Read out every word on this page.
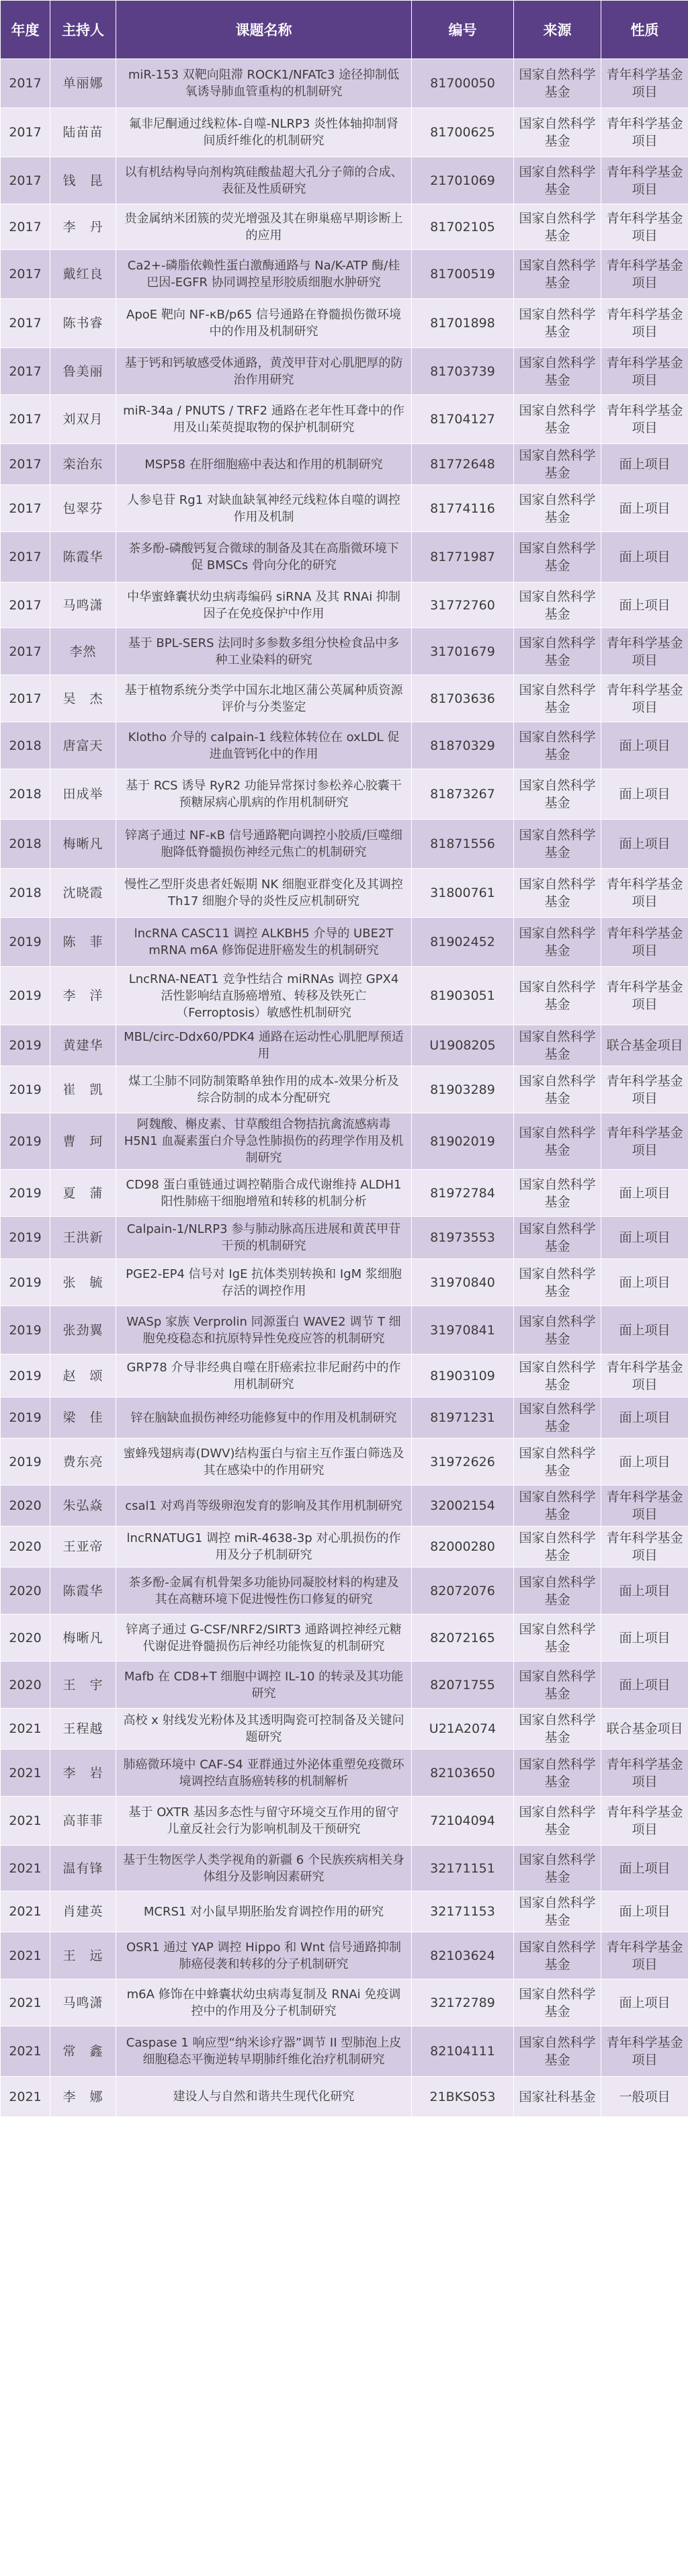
年度	主持人	课题名称	编号	来源	性质
2017	单丽娜	miR-153 双靶向阻滞 ROCK1/NFATc3 途径抑制低氧诱导肺血管重构的机制研究	81700050	国家自然科学基金	青年科学基金项目
2017	陆苗苗	氟非尼酮通过线粒体-自噬-NLRP3 炎性体轴抑制肾间质纤维化的机制研究	81700625	国家自然科学基金	青年科学基金项目
2017	钱　昆	以有机结构导向剂构筑硅酸盐超大孔分子筛的合成、表征及性质研究	21701069	国家自然科学基金	青年科学基金项目
2017	李　丹	贵金属纳米团簇的荧光增强及其在卵巢癌早期诊断上的应用	81702105	国家自然科学基金	青年科学基金项目
2017	戴红良	Ca2+-磷脂依赖性蛋白激酶通路与 Na/K-ATP 酶/桂巴因-EGFR 协同调控星形胶质细胞水肿研究	81700519	国家自然科学基金	青年科学基金项目
2017	陈书睿	ApoE 靶向 NF-κB/p65 信号通路在脊髓损伤微环境中的作用及机制研究	81701898	国家自然科学基金	青年科学基金项目
2017	鲁美丽	基于钙和钙敏感受体通路，黄茂甲苷对心肌肥厚的防治作用研究	81703739	国家自然科学基金	青年科学基金项目
2017	刘双月	miR-34a / PNUTS / TRF2 通路在老年性耳聋中的作用及山茱萸提取物的保护机制研究	81704127	国家自然科学基金	青年科学基金项目
2017	栾治东	MSP58 在肝细胞癌中表达和作用的机制研究	81772648	国家自然科学基金	面上项目
2017	包翠芬	人参皂苷 Rg1 对缺血缺氧神经元线粒体自噬的调控作用及机制	81774116	国家自然科学基金	面上项目
2017	陈霞华	茶多酚-磷酸钙复合微球的制备及其在高脂微环境下促 BMSCs 骨向分化的研究	81771987	国家自然科学基金	面上项目
2017	马鸣潇	中华蜜蜂囊状幼虫病毒编码 siRNA 及其 RNAi 抑制因子在免疫保护中作用	31772760	国家自然科学基金	面上项目
2017	李然	基于 BPL-SERS 法同时多参数多组分快检食品中多种工业染料的研究	31701679	国家自然科学基金	青年科学基金项目
2017	吴　杰	基于植物系统分类学中国东北地区蒲公英属种质资源评价与分类鉴定	81703636	国家自然科学基金	青年科学基金项目
2018	唐富天	Klotho 介导的 calpain-1 线粒体转位在 oxLDL 促进血管钙化中的作用	81870329	国家自然科学基金	面上项目
2018	田成举	基于 RCS 诱导 RyR2 功能异常探讨参松养心胶囊干预糖尿病心肌病的作用机制研究	81873267	国家自然科学基金	面上项目
2018	梅晰凡	锌离子通过 NF-κB 信号通路靶向调控小胶质/巨噬细胞降低脊髓损伤神经元焦亡的机制研究	81871556	国家自然科学基金	面上项目
2018	沈晓霞	慢性乙型肝炎患者妊娠期 NK 细胞亚群变化及其调控 Th17 细胞介导的炎性反应机制研究	31800761	国家自然科学基金	青年科学基金项目
2019	陈　菲	lncRNA CASC11 调控 ALKBH5 介导的 UBE2T mRNA m6A 修饰促进肝癌发生的机制研究	81902452	国家自然科学基金	青年科学基金项目
2019	李　洋	LncRNA-NEAT1 竞争性结合 miRNAs 调控 GPX4 活性影响结直肠癌增殖、转移及铁死亡（Ferroptosis）敏感性机制研究	81903051	国家自然科学基金	青年科学基金项目
2019	黄建华	MBL/circ-Ddx60/PDK4 通路在运动性心肌肥厚预适用	U1908205	国家自然科学基金	联合基金项目
2019	崔　凯	煤工尘肺不同防制策略单独作用的成本-效果分析及综合防制的成本分配研究	81903289	国家自然科学基金	青年科学基金项目
2019	曹　珂	阿魏酸、槲皮素、甘草酸组合物拮抗禽流感病毒 H5N1 血凝素蛋白介导急性肺损伤的药理学作用及机制研究	81902019	国家自然科学基金	青年科学基金项目
2019	夏　蒲	CD98 蛋白重链通过调控鞘脂合成代谢维持 ALDH1 阳性肺癌干细胞增殖和转移的机制分析	81972784	国家自然科学基金	面上项目
2019	王洪新	Calpain-1/NLRP3 参与肺动脉高压进展和黄芪甲苷干预的机制研究	81973553	国家自然科学基金	面上项目
2019	张　毓	PGE2-EP4 信号对 IgE 抗体类别转换和 IgM 浆细胞存活的调控作用	31970840	国家自然科学基金	面上项目
2019	张劲翼	WASp 家族 Verprolin 同源蛋白 WAVE2 调节 T 细胞免疫稳态和抗原特异性免疫应答的机制研究	31970841	国家自然科学基金	面上项目
2019	赵　颂	GRP78 介导非经典自噬在肝癌索拉非尼耐药中的作用机制研究	81903109	国家自然科学基金	青年科学基金项目
2019	梁　佳	锌在脑缺血损伤神经功能修复中的作用及机制研究	81971231	国家自然科学基金	面上项目
2019	费东亮	蜜蜂残翅病毒(DWV)结构蛋白与宿主互作蛋白筛选及其在感染中的作用研究	31972626	国家自然科学基金	面上项目
2020	朱弘焱	csal1 对鸡肖等级卵泡发育的影响及其作用机制研究	32002154	国家自然科学基金	青年科学基金项目
2020	王亚帝	lncRNATUG1 调控 miR-4638-3p 对心肌损伤的作用及分子机制研究	82000280	国家自然科学基金	青年科学基金项目
2020	陈霞华	茶多酚-金属有机骨架多功能协同凝胶材料的构建及其在高糖环境下促进慢性伤口修复的研究	82072076	国家自然科学基金	面上项目
2020	梅晰凡	锌离子通过 G-CSF/NRF2/SIRT3 通路调控神经元糖代谢促进脊髓损伤后神经功能恢复的机制研究	82072165	国家自然科学基金	面上项目
2020	王　宇	Mafb 在 CD8+T 细胞中调控 IL-10 的转录及其功能研究	82071755	国家自然科学基金	面上项目
2021	王程越	高校 x 射线发光粉体及其透明陶瓷可控制备及关键问题研究	U21A2074	国家自然科学基金	联合基金项目
2021	李　岩	肺癌微环境中 CAF-S4 亚群通过外泌体重塑免疫微环境调控结直肠癌转移的机制解析	82103650	国家自然科学基金	青年科学基金项目
2021	高菲菲	基于 OXTR 基因多态性与留守环境交互作用的留守儿童反社会行为影响机制及干预研究	72104094	国家自然科学基金	青年科学基金项目
2021	温有锋	基于生物医学人类学视角的新疆 6 个民族疾病相关身体组分及影响因素研究	32171151	国家自然科学基金	面上项目
2021	肖建英	MCRS1 对小鼠早期胚胎发育调控作用的研究	32171153	国家自然科学基金	面上项目
2021	王　远	OSR1 通过 YAP 调控 Hippo 和 Wnt 信号通路抑制肺癌侵袭和转移的分子机制研究	82103624	国家自然科学基金	青年科学基金项目
2021	马鸣潇	m6A 修饰在中蜂囊状幼虫病毒复制及 RNAi 免疫调控中的作用及分子机制研究	32172789	国家自然科学基金	面上项目
2021	常　鑫	Caspase 1 响应型“纳米诊疗器”调节 II 型肺泡上皮细胞稳态平衡逆转早期肺纤维化治疗机制研究	82104111	国家自然科学基金	青年科学基金项目
2021	李　娜	建设人与自然和谐共生现代化研究	21BKS053	国家社科基金	一般项目
